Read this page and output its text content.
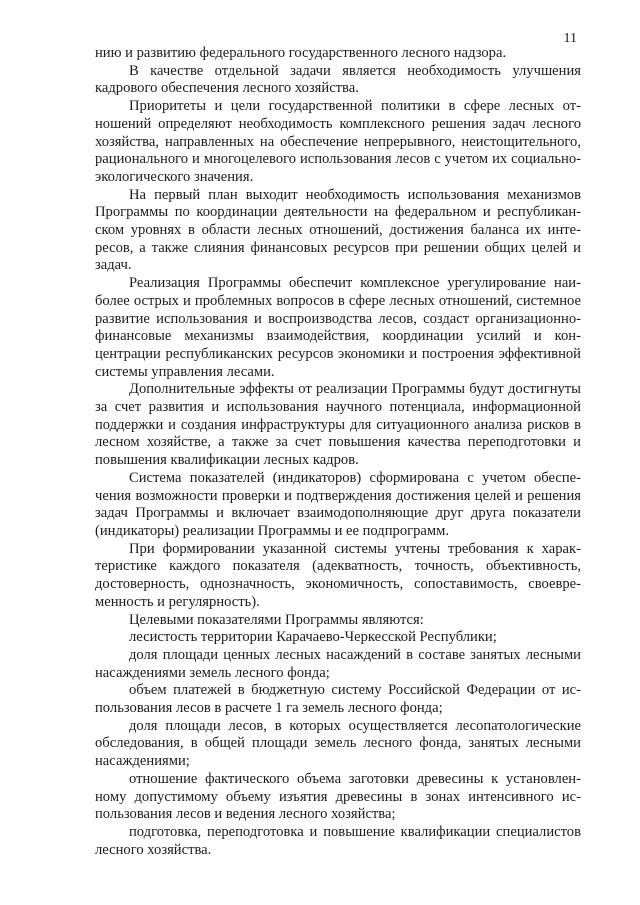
11

нию и развитию федерального государственного лесного надзора.

В качестве отдельной задачи является необходимость улучшения кадрового обеспечения лесного хозяйства.

Приоритеты и цели государственной политики в сфере лесных отношений определяют необходимость комплексного решения задач лесного хозяйства, направленных на обеспечение непрерывного, неистощительного, рационального и многоцелевого использования лесов с учетом их социально-экологического значения.

На первый план выходит необходимость использования механизмов Программы по координации деятельности на федеральном и республиканском уровнях в области лесных отношений, достижения баланса их интересов, а также слияния финансовых ресурсов при решении общих целей и задач.

Реализация Программы обеспечит комплексное урегулирование наиболее острых и проблемных вопросов в сфере лесных отношений, системное развитие использования и воспроизводства лесов, создаст организационно-финансовые механизмы взаимодействия, координации усилий и концентрации республиканских ресурсов экономики и построения эффективной системы управления лесами.

Дополнительные эффекты от реализации Программы будут достигнуты за счет развития и использования научного потенциала, информационной поддержки и создания инфраструктуры для ситуационного анализа рисков в лесном хозяйстве, а также за счет повышения качества переподготовки и повышения квалификации лесных кадров.

Система показателей (индикаторов) сформирована с учетом обеспечения возможности проверки и подтверждения достижения целей и решения задач Программы и включает взаимодополняющие друг друга показатели (индикаторы) реализации Программы и ее подпрограмм.

При формировании указанной системы учтены требования к характеристике каждого показателя (адекватность, точность, объективность, достоверность, однозначность, экономичность, сопоставимость, своевременность и регулярность).

Целевыми показателями Программы являются:

лесистость территории Карачаево-Черкесской Республики;

доля площади ценных лесных насаждений в составе занятых лесными насаждениями земель лесного фонда;

объем платежей в бюджетную систему Российской Федерации от использования лесов в расчете 1 га земель лесного фонда;

доля площади лесов, в которых осуществляется лесопатологические обследования, в общей площади земель лесного фонда, занятых лесными насаждениями;

отношение фактического объема заготовки древесины к установленному допустимому объему изъятия древесины в зонах интенсивного использования лесов и ведения лесного хозяйства;

подготовка, переподготовка и повышение квалификации специалистов лесного хозяйства.
